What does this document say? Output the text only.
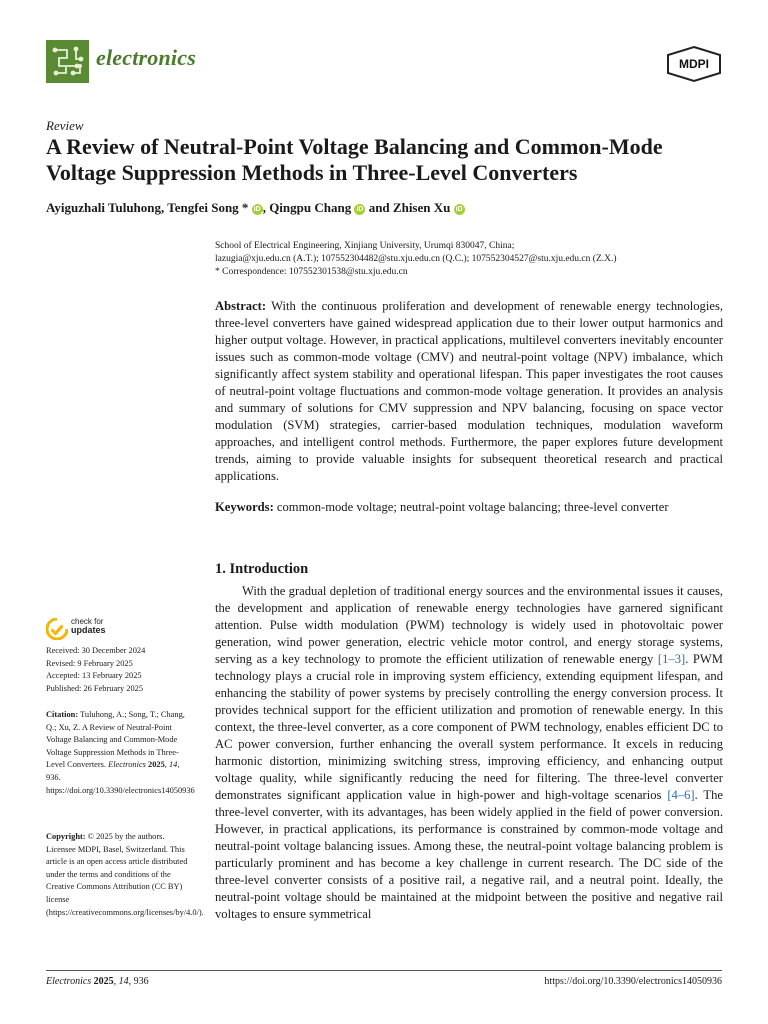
electronics	MDPI
Review
A Review of Neutral-Point Voltage Balancing and Common-Mode Voltage Suppression Methods in Three-Level Converters
Ayiguzhali Tuluhong, Tengfei Song * iD , Qingpu Chang iD and Zhisen Xu iD
School of Electrical Engineering, Xinjiang University, Urumqi 830047, China;
lazugia@xju.edu.cn (A.T.); 107552304482@stu.xju.edu.cn (Q.C.); 107552304527@stu.xju.edu.cn (Z.X.)
* Correspondence: 107552301538@stu.xju.edu.cn
Abstract: With the continuous proliferation and development of renewable energy technologies, three-level converters have gained widespread application due to their lower output harmonics and higher output voltage. However, in practical applications, multilevel converters inevitably encounter issues such as common-mode voltage (CMV) and neutral-point voltage (NPV) imbalance, which significantly affect system stability and operational lifespan. This paper investigates the root causes of neutral-point voltage fluctuations and common-mode voltage generation. It provides an analysis and summary of solutions for CMV suppression and NPV balancing, focusing on space vector modulation (SVM) strategies, carrier-based modulation techniques, modulation waveform approaches, and intelligent control methods. Furthermore, the paper explores future development trends, aiming to provide valuable insights for subsequent theoretical research and practical applications.
Keywords: common-mode voltage; neutral-point voltage balancing; three-level converter
1. Introduction
With the gradual depletion of traditional energy sources and the environmental issues it causes, the development and application of renewable energy technologies have garnered significant attention. Pulse width modulation (PWM) technology is widely used in photovoltaic power generation, wind power generation, electric vehicle motor control, and energy storage systems, serving as a key technology to promote the efficient utilization of renewable energy [1–3]. PWM technology plays a crucial role in improving system efficiency, extending equipment lifespan, and enhancing the stability of power systems by precisely controlling the energy conversion process. It provides technical support for the efficient utilization and promotion of renewable energy. In this context, the three-level converter, as a core component of PWM technology, enables efficient DC to AC power conversion, further enhancing the overall system performance. It excels in reducing harmonic distortion, minimizing switching stress, improving efficiency, and enhancing output voltage quality, while significantly reducing the need for filtering. The three-level converter demonstrates significant application value in high-power and high-voltage scenarios [4–6]. The three-level converter, with its advantages, has been widely applied in the field of power conversion. However, in practical applications, its performance is constrained by common-mode voltage and neutral-point voltage balancing issues. Among these, the neutral-point voltage balancing problem is particularly prominent and has become a key challenge in current research. The DC side of the three-level converter consists of a positive rail, a negative rail, and a neutral point. Ideally, the neutral-point voltage should be maintained at the midpoint between the positive and negative rail voltages to ensure symmetrical
check for
updates
Received: 30 December 2024
Revised: 9 February 2025
Accepted: 13 February 2025
Published: 26 February 2025
Citation: Tuluhong, A.; Song, T.; Chang, Q.; Xu, Z. A Review of Neutral-Point Voltage Balancing and Common-Mode Voltage Suppression Methods in Three-Level Converters. Electronics 2025, 14, 936. https://doi.org/10.3390/electronics14050936
Copyright: © 2025 by the authors. Licensee MDPI, Basel, Switzerland. This article is an open access article distributed under the terms and conditions of the Creative Commons Attribution (CC BY) license (https://creativecommons.org/licenses/by/4.0/).
Electronics 2025, 14, 936	https://doi.org/10.3390/electronics14050936
